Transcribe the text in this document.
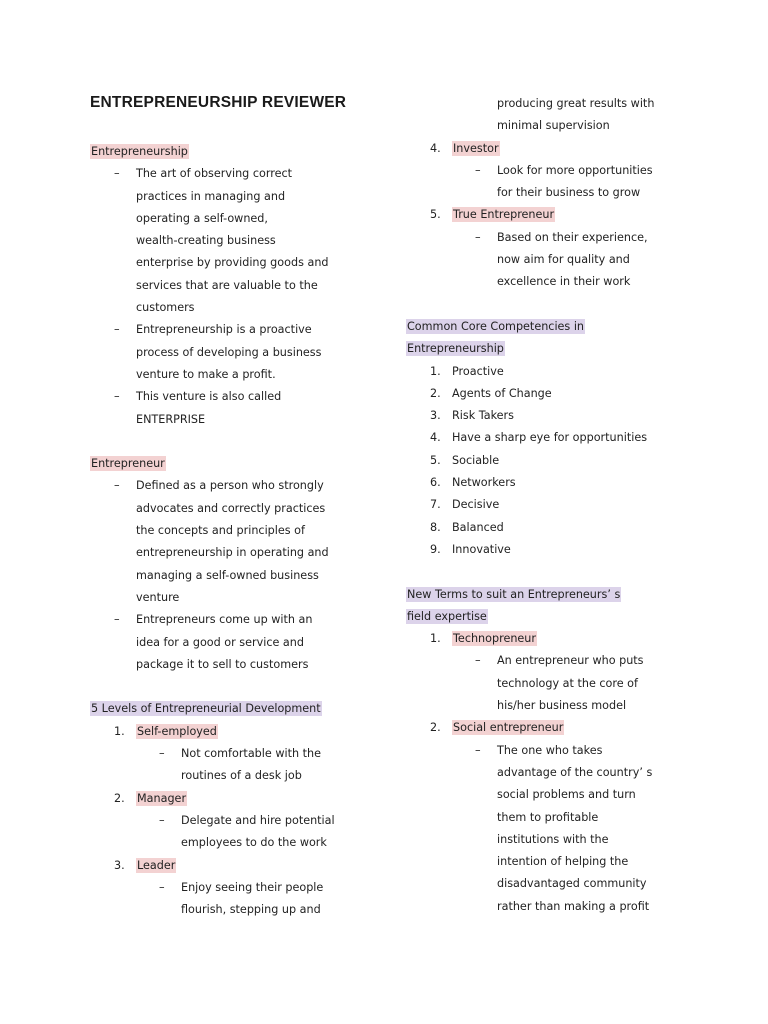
ENTREPRENEURSHIP REVIEWER
Entrepreneurship
– The art of observing correct
practices in managing and
operating a self-owned,
wealth-creating business
enterprise by providing goods and
services that are valuable to the
customers
– Entrepreneurship is a proactive
process of developing a business
venture to make a profit.
– This venture is also called
ENTERPRISE
Entrepreneur
– Defined as a person who strongly
advocates and correctly practices
the concepts and principles of
entrepreneurship in operating and
managing a self-owned business
venture
– Entrepreneurs come up with an
idea for a good or service and
package it to sell to customers
5 Levels of Entrepreneurial Development
1. Self-employed
– Not comfortable with the
routines of a desk job
2. Manager
– Delegate and hire potential
employees to do the work
3. Leader
– Enjoy seeing their people
flourish, stepping up and
producing great results with
minimal supervision
4. Investor
– Look for more opportunities
for their business to grow
5. True Entrepreneur
– Based on their experience,
now aim for quality and
excellence in their work
Common Core Competencies in
Entrepreneurship
1. Proactive
2. Agents of Change
3. Risk Takers
4. Have a sharp eye for opportunities
5. Sociable
6. Networkers
7. Decisive
8. Balanced
9. Innovative
New Terms to suit an Entrepreneurs’ s
field expertise
1. Technopreneur
– An entrepreneur who puts
technology at the core of
his/her business model
2. Social entrepreneur
– The one who takes
advantage of the country’ s
social problems and turn
them to profitable
institutions with the
intention of helping the
disadvantaged community
rather than making a profit
